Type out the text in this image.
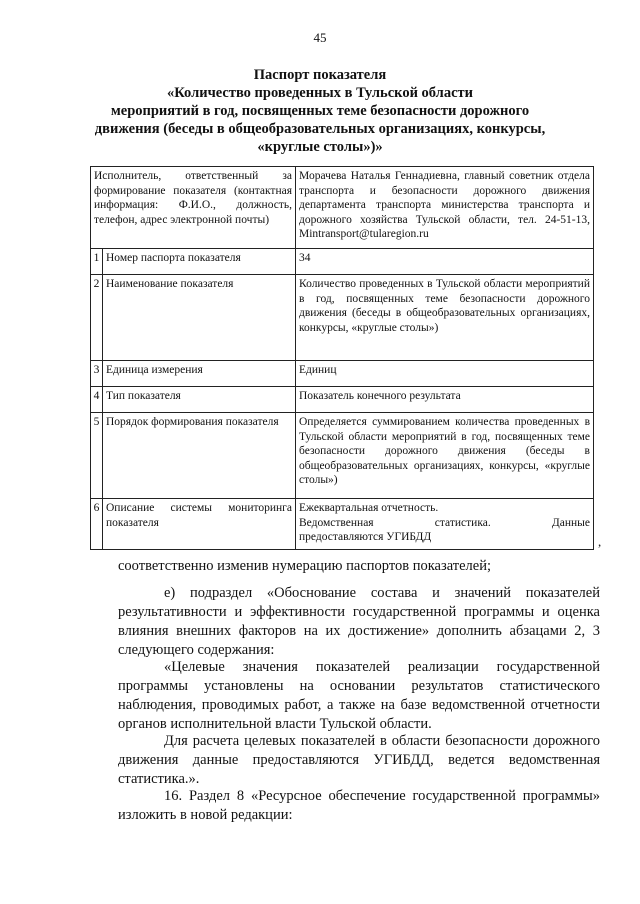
45
Паспорт показателя
«Количество проведенных в Тульской области
мероприятий в год, посвященных теме безопасности дорожного
движения (беседы в общеобразовательных организациях, конкурсы,
«круглые столы»)»
Исполнитель, ответственный за формирование показателя (контактная информация: Ф.И.О., должность, телефон, адрес электронной почты)		Морачева Наталья Геннадиевна, главный советник отдела транспорта и безопасности дорожного движения департамента транспорта министерства транспорта и дорожного хозяйства Тульской области, тел. 24-51-13, Mintransport@tularegion.ru
1	Номер паспорта показателя	34
2	Наименование показателя	Количество проведенных в Тульской области мероприятий в год, посвященных теме безопасности дорожного движения (беседы в общеобразовательных организациях, конкурсы, «круглые столы»)
3	Единица измерения	Единиц
4	Тип показателя	Показатель конечного результата
5	Порядок формирования показателя	Определяется суммированием количества проведенных в Тульской области мероприятий в год, посвященных теме безопасности дорожного движения (беседы в общеобразовательных организациях, конкурсы, «круглые столы»)
6	Описание системы мониторинга показателя	Ежеквартальная отчетность.
Ведомственная статистика. Данные
предоставляются УГИБДД	,
соответственно изменив нумерацию паспортов показателей;

е) подраздел «Обоснование состава и значений показателей результативности и эффективности государственной программы и оценка влияния внешних факторов на их достижение» дополнить абзацами 2, 3 следующего содержания:

«Целевые значения показателей реализации государственной программы установлены на основании результатов статистического наблюдения, проводимых работ, а также на базе ведомственной отчетности органов исполнительной власти Тульской области.

Для расчета целевых показателей в области безопасности дорожного движения данные предоставляются УГИБДД, ведется ведомственная статистика.».

16. Раздел 8 «Ресурсное обеспечение государственной программы» изложить в новой редакции:
